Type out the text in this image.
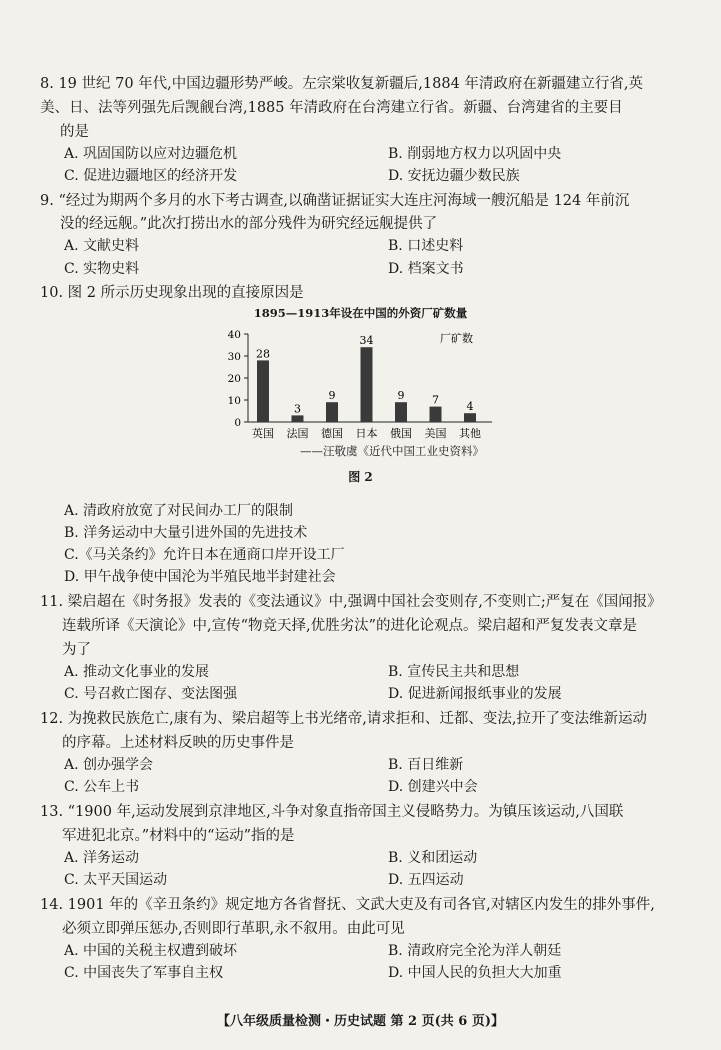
8. 19 世纪 70 年代,中国边疆形势严峻。左宗棠收复新疆后,1884 年清政府在新疆建立行省,英
美、日、法等列强先后觊觎台湾,1885 年清政府在台湾建立行省。新疆、台湾建省的主要目
的是
A. 巩固国防以应对边疆危机	B. 削弱地方权力以巩固中央
C. 促进边疆地区的经济开发	D. 安抚边疆少数民族
9. “经过为期两个多月的水下考古调查,以确凿证据证实大连庄河海域一艘沉船是 124 年前沉
没的经远舰。”此次打捞出水的部分残件为研究经远舰提供了
A. 文献史料	B. 口述史料
C. 实物史料	D. 档案文书
10. 图 2 所示历史现象出现的直接原因是
1895—1913年设在中国的外资厂矿数量
厂矿数
0
10
20
30
40
28
英国
3
法国
9
德国
34
日本
9
俄国
7
美国
4
其他
——汪敬虞《近代中国工业史资料》
图 2
A. 清政府放宽了对民间办工厂的限制
B. 洋务运动中大量引进外国的先进技术
C.《马关条约》允许日本在通商口岸开设工厂
D. 甲午战争使中国沦为半殖民地半封建社会
11. 梁启超在《时务报》发表的《变法通议》中,强调中国社会变则存,不变则亡;严复在《国闻报》
连载所译《天演论》中,宣传“物竞天择,优胜劣汰”的进化论观点。梁启超和严复发表文章是
为了
A. 推动文化事业的发展	B. 宣传民主共和思想
C. 号召救亡图存、变法图强	D. 促进新闻报纸事业的发展
12. 为挽救民族危亡,康有为、梁启超等上书光绪帝,请求拒和、迁都、变法,拉开了变法维新运动
的序幕。上述材料反映的历史事件是
A. 创办强学会	B. 百日维新
C. 公车上书	D. 创建兴中会
13. “1900 年,运动发展到京津地区,斗争对象直指帝国主义侵略势力。为镇压该运动,八国联
军进犯北京。”材料中的“运动”指的是
A. 洋务运动	B. 义和团运动
C. 太平天国运动	D. 五四运动
14. 1901 年的《辛丑条约》规定地方各省督抚、文武大吏及有司各官,对辖区内发生的排外事件,
必须立即弹压惩办,否则即行革职,永不叙用。由此可见
A. 中国的关税主权遭到破坏	B. 清政府完全沦为洋人朝廷
C. 中国丧失了军事自主权	D. 中国人民的负担大大加重
【八年级质量检测・历史试题 第 2 页(共 6 页)】
